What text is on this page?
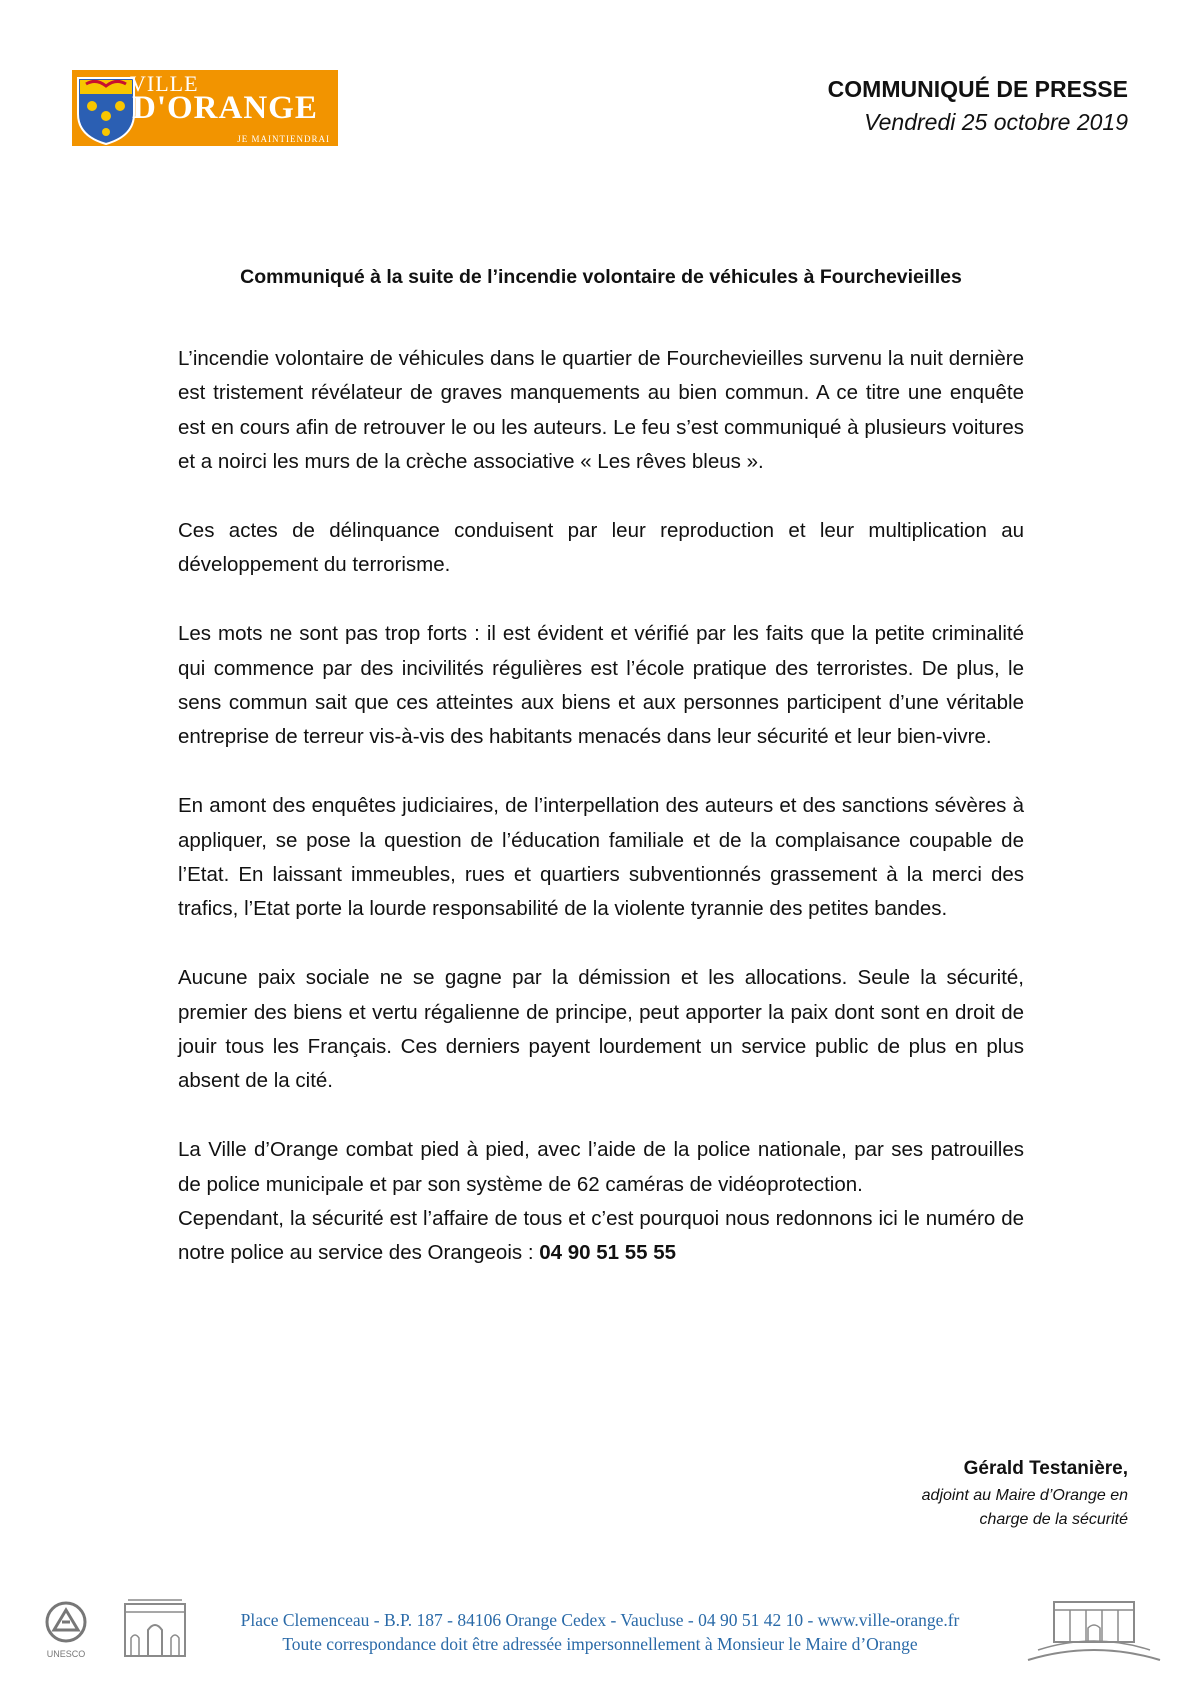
VILLE
D'ORANGE
JE MAINTIENDRAI
COMMUNIQUÉ DE PRESSE
Vendredi 25 octobre 2019
Communiqué à la suite de l’incendie volontaire de véhicules à Fourchevieilles

L’incendie volontaire de véhicules dans le quartier de Fourchevieilles survenu la nuit dernière est tristement révélateur de graves manquements au bien commun. A ce titre une enquête est en cours afin de retrouver le ou les auteurs. Le feu s’est communiqué à plusieurs voitures et a noirci les murs de la crèche associative « Les rêves bleus ».

Ces actes de délinquance conduisent par leur reproduction et leur multiplication au développement du terrorisme.

Les mots ne sont pas trop forts : il est évident et vérifié par les faits que la petite criminalité qui commence par des incivilités régulières est l’école pratique des terroristes. De plus, le sens commun sait que ces atteintes aux biens et aux personnes participent d’une véritable entreprise de terreur vis-à-vis des habitants menacés dans leur sécurité et leur bien-vivre.

En amont des enquêtes judiciaires, de l’interpellation des auteurs et des sanctions sévères à appliquer, se pose la question de l’éducation familiale et de la complaisance coupable de l’Etat. En laissant immeubles, rues et quartiers subventionnés grassement à la merci des trafics, l’Etat porte la lourde responsabilité de la violente tyrannie des petites bandes.

Aucune paix sociale ne se gagne par la démission et les allocations. Seule la sécurité, premier des biens et vertu régalienne de principe, peut apporter la paix dont sont en droit de jouir tous les Français. Ces derniers payent lourdement un service public de plus en plus absent de la cité.

La Ville d’Orange combat pied à pied, avec l’aide de la police nationale, par ses patrouilles de police municipale et par son système de 62 caméras de vidéoprotection.

Cependant, la sécurité est l’affaire de tous et c’est pourquoi nous redonnons ici le numéro de notre police au service des Orangeois : 04 90 51 55 55

Gérald Testanière,
adjoint au Maire d’Orange en charge de la sécurité
UNESCO
Place Clemenceau - B.P. 187 - 84106 Orange Cedex - Vaucluse - 04 90 51 42 10 - www.ville-orange.fr
Toute correspondance doit être adressée impersonnellement à Monsieur le Maire d’Orange
